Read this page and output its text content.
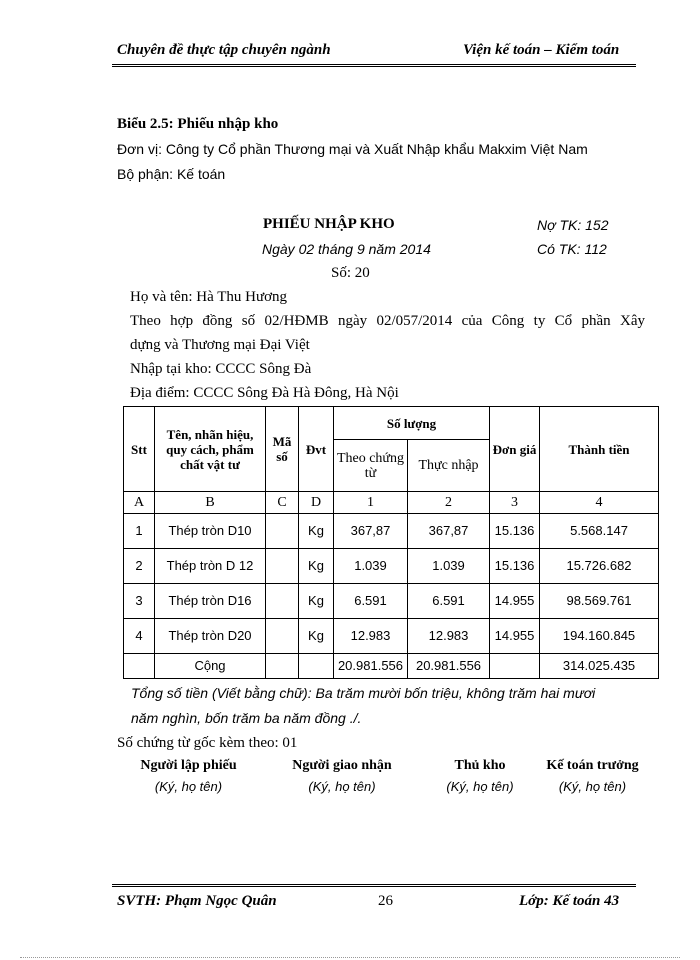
Chuyên đề thực tập chuyên ngành	Viện kế toán – Kiểm toán
Biểu 2.5: Phiếu nhập kho
Đơn vị: Công ty Cổ phần Thương mại và Xuất Nhập khẩu Makxim Việt Nam
Bộ phận: Kế toán
PHIẾU NHẬP KHO	Nợ TK: 152
Ngày 02 tháng 9 năm 2014	Có TK: 112
Số: 20
Họ và tên: Hà Thu Hương
Theo hợp đồng số 02/HĐMB ngày 02/057/2014 của Công ty Cổ phần Xây
dựng và Thương mại Đại Việt
Nhập tại kho: CCCC Sông Đà
Địa điểm: CCCC Sông Đà Hà Đông, Hà Nội
Stt	Tên, nhãn hiệu, quy cách, phẩm chất vật tư	Mã số	Đvt	Số lượng		Đơn giá	Thành tiền
				Theo chứng từ	Thực nhập		
A	B	C	D	1	2	3	4
1	Thép tròn D10		Kg	367,87	367,87	15.136	5.568.147
2	Thép tròn D 12		Kg	1.039	1.039	15.136	15.726.682
3	Thép tròn D16		Kg	6.591	6.591	14.955	98.569.761
4	Thép tròn D20		Kg	12.983	12.983	14.955	194.160.845
	Cộng			20.981.556	20.981.556		314.025.435
Tổng số tiền (Viết bằng chữ): Ba trăm mười bốn triệu, không trăm hai mươi
năm nghìn, bốn trăm ba năm đồng ./.
Số chứng từ gốc kèm theo: 01
Người lập phiếu
(Ký, họ tên)
Người giao nhận
(Ký, họ tên)
Thủ kho
(Ký, họ tên)
Kế toán trưởng
(Ký, họ tên)
SVTH: Phạm Ngọc Quân	26	Lớp: Kế toán 43
